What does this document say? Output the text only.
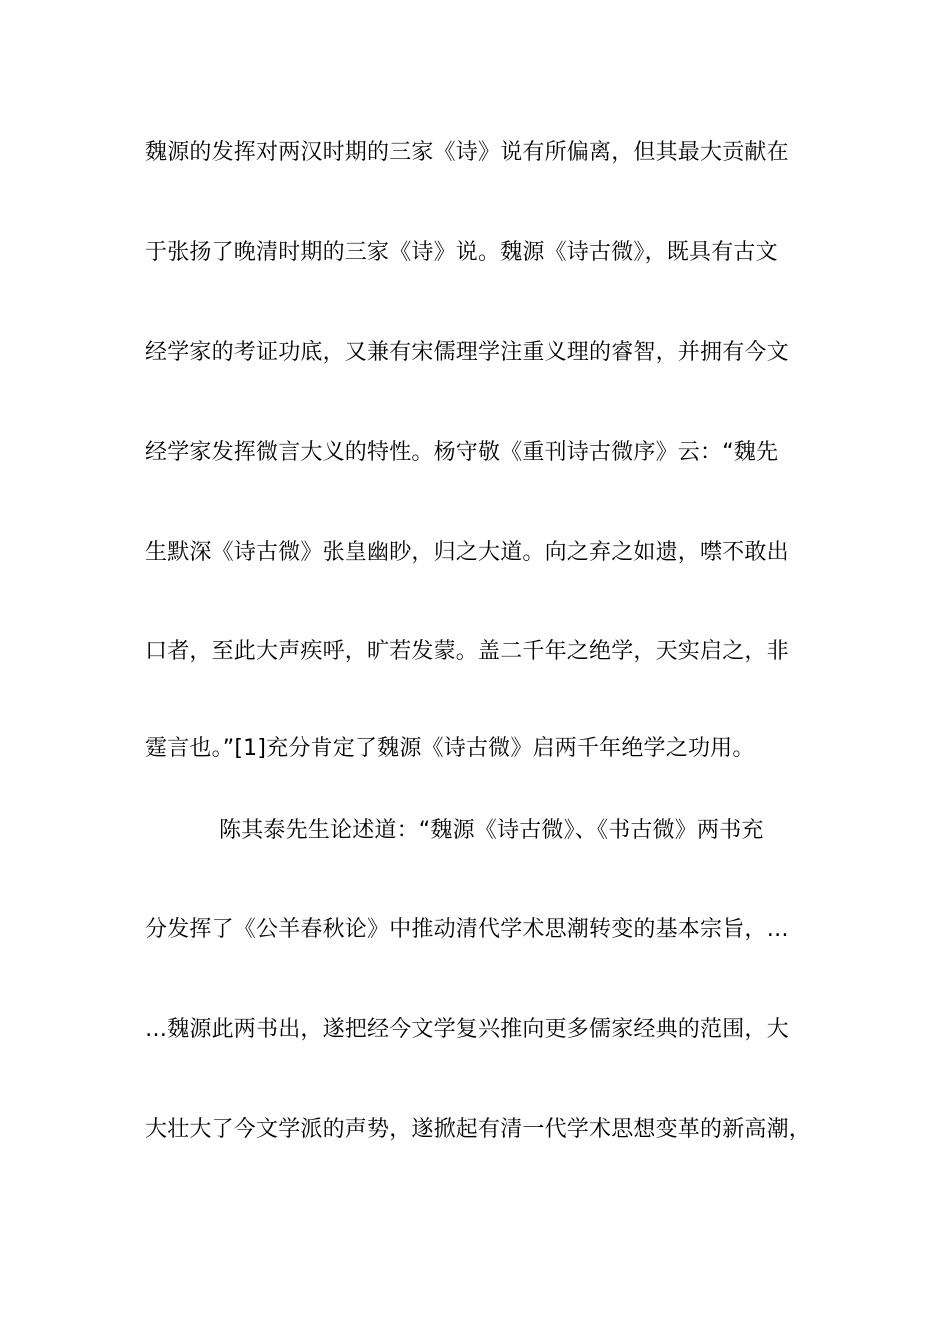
魏源的发挥对两汉时期的三家《诗》说有所偏离，但其最大贡献在
于张扬了晚清时期的三家《诗》说。魏源《诗古微》，既具有古文
经学家的考证功底，又兼有宋儒理学注重义理的睿智，并拥有今文
经学家发挥微言大义的特性。杨守敬《重刊诗古微序》云：“魏先
生默深《诗古微》张皇幽眇，归之大道。向之弃之如遗，噤不敢出
口者，至此大声疾呼，旷若发蒙。盖二千年之绝学，天实启之，非
霆言也。”[1]充分肯定了魏源《诗古微》启两千年绝学之功用。
陈其泰先生论述道：“魏源《诗古微》、《书古微》两书充
分发挥了《公羊春秋论》中推动清代学术思潮转变的基本宗旨，…
…魏源此两书出，遂把经今文学复兴推向更多儒家经典的范围，大
大壮大了今文学派的声势，遂掀起有清一代学术思想变革的新高潮，
